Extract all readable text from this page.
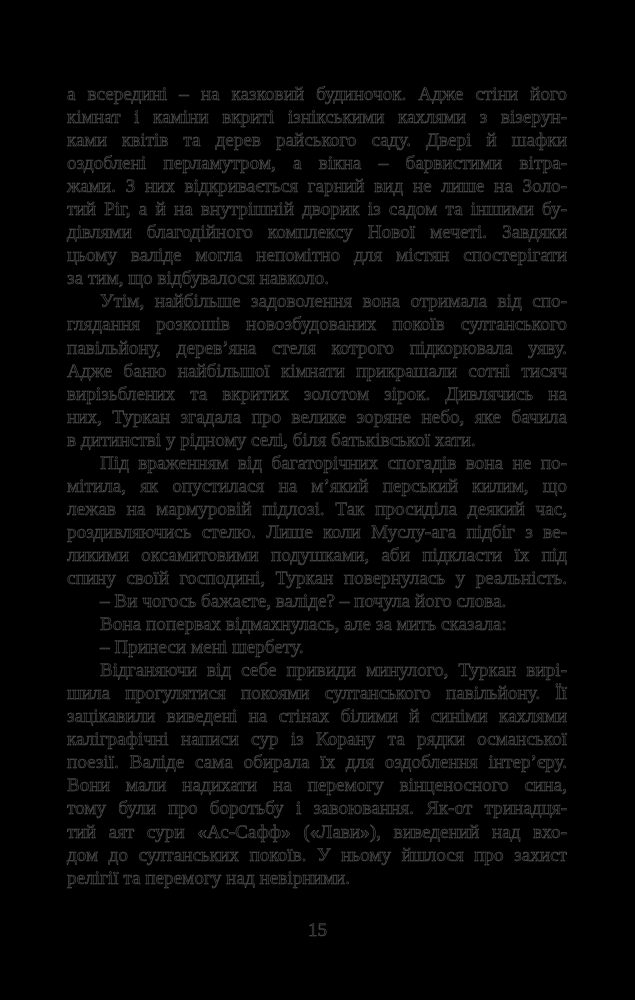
а всередині – на казковий будиночок. Адже стіни його
кімнат і каміни вкриті ізнікськими кахлями з візерун-
ками квітів та дерев райського саду. Двері й шафки
оздоблені перламутром, а вікна – барвистими вітра-
жами. З них відкривається гарний вид не лише на Золо-
тий Ріг, а й на внутрішній дворик із садом та іншими бу-
дівлями благодійного комплексу Нової мечеті. Завдяки
цьому валіде могла непомітно для містян спостерігати
за тим, що відбувалося навколо.
Утім, найбільше задоволення вона отримала від спо-
глядання розкошів новозбудованих покоїв султанського
павільйону, дерев’яна стеля котрого підкорювала уяву.
Адже баню найбільшої кімнати прикрашали сотні тисяч
вирізьблених та вкритих золотом зірок. Дивлячись на
них, Туркан згадала про велике зоряне небо, яке бачила
в дитинстві у рідному селі, біля батьківської хати.
Під враженням від багаторічних спогадів вона не по-
мітила, як опустилася на м’який перський килим, що
лежав на мармуровій підлозі. Так просиділа деякий час,
роздивляючись стелю. Лише коли Муслу-ага підбіг з ве-
ликими оксамитовими подушками, аби підкласти їх під
спину своїй господині, Туркан повернулась у реальність.
– Ви чогось бажаєте, валіде? – почула його слова.
Вона попервах відмахнулась, але за мить сказала:
– Принеси мені шербету.
Відганяючи від себе привиди минулого, Туркан вирі-
шила прогулятися покоями султанського павільйону. Її
зацікавили виведені на стінах білими й синіми кахлями
каліграфічні написи сур із Корану та рядки османської
поезії. Валіде сама обирала їх для оздоблення інтер’єру.
Вони мали надихати на перемогу вінценосного сина,
тому були про боротьбу і завоювання. Як-от тринадця-
тий аят сури «Ас-Сафф» («Лави»), виведений над вхо-
дом до султанських покоїв. У ньому йшлося про захист
релігії та перемогу над невірними.
15
